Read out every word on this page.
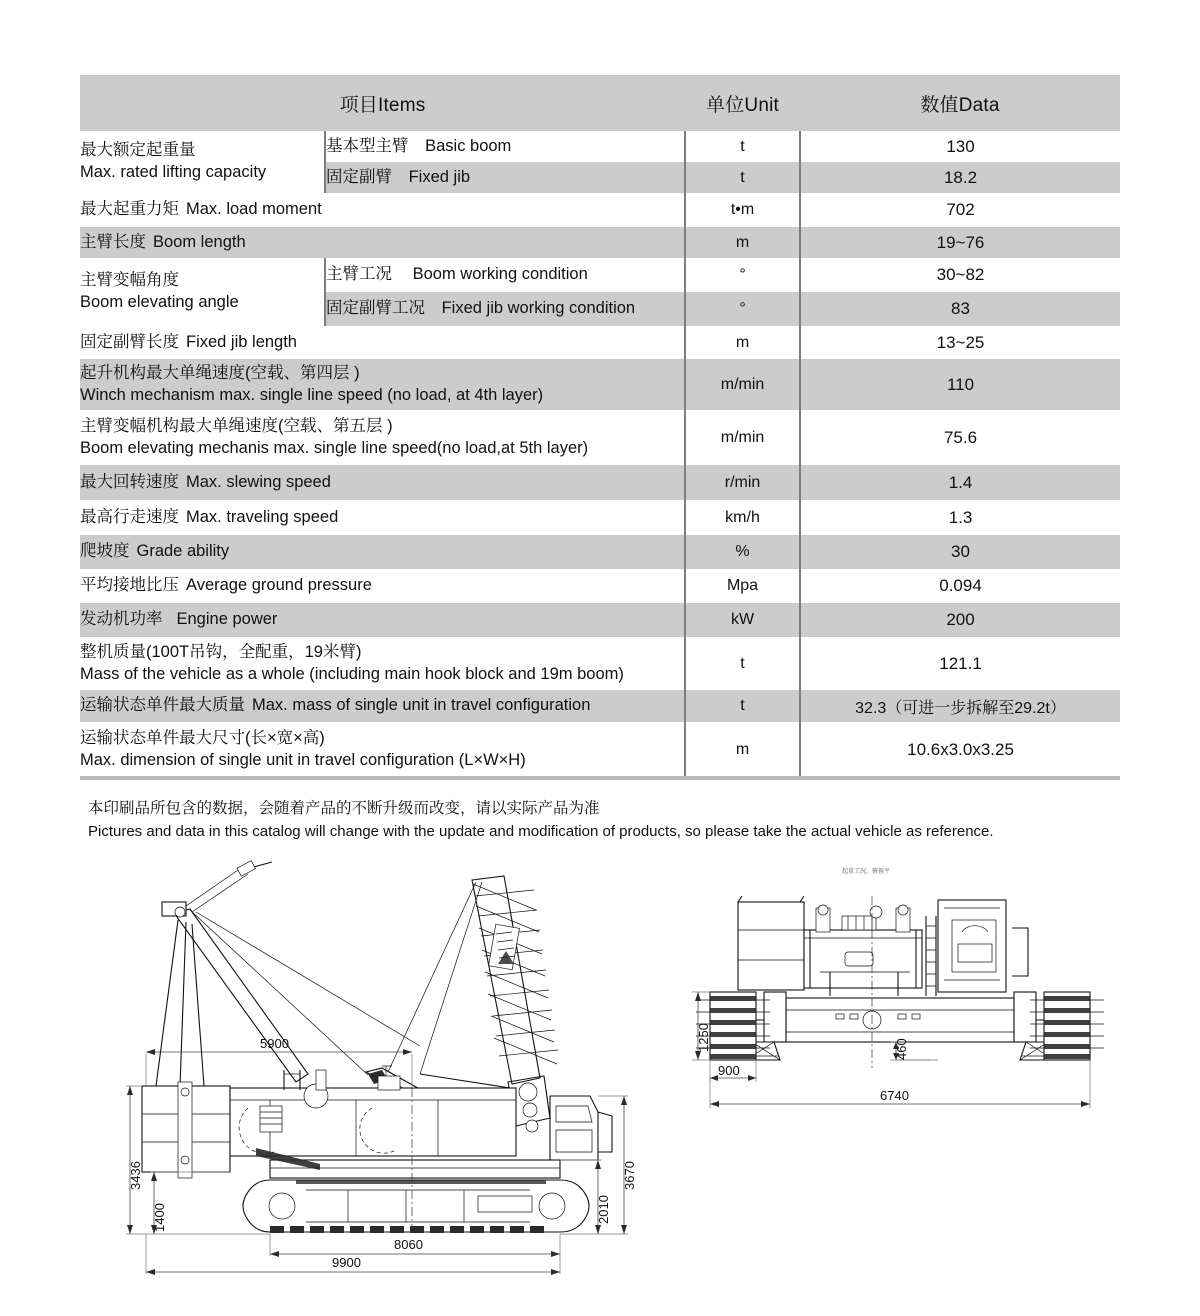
项目Items		单位Unit	数值Data

最大额定起重量
Max. rated lifting capacity	基本型主臂 Basic boom	t	130
	固定副臂 Fixed jib	t	18.2
最大起重力矩 Max. load moment		t•m	702
主臂长度 Boom length		m	19~76

主臂变幅角度
Boom elevating angle	主臂工况 Boom working condition	°	30~82
	固定副臂工况 Fixed jib working condition	°	83
固定副臂长度 Fixed jib length		m	13~25

起升机构最大单绳速度(空载、第四层 )
Winch mechanism max. single line speed (no load, at 4th layer)		m/min	110

主臂变幅机构最大单绳速度(空载、第五层 )
Boom elevating mechanis max. single line speed(no load,at 5th layer)		m/min	75.6
最大回转速度 Max. slewing speed		r/min	1.4
最高行走速度 Max. traveling speed		km/h	1.3
爬坡度 Grade ability		%	30
平均接地比压 Average ground pressure		Mpa	0.094
发动机功率 Engine power		kW	200

整机质量(100T吊钩，全配重，19米臂)
Mass of the vehicle as a whole (including main hook block and 19m boom)		t	121.1
运输状态单件最大质量 Max. mass of single unit in travel configuration		t	32.3（可进一步拆解至29.2t）

运输状态单件最大尺寸(长×宽×高)
Max. dimension of single unit in travel configuration (L×W×H)		m	10.6x3.0x3.25
本印刷品所包含的数据，会随着产品的不断升级而改变，请以实际产品为准
Pictures and data in this catalog will change with the update and modification of products, so please take the actual vehicle as reference.
5900
3436
1400
3670
2010
8060
9900
起重工况、俯视平
1250
900
460
6740
